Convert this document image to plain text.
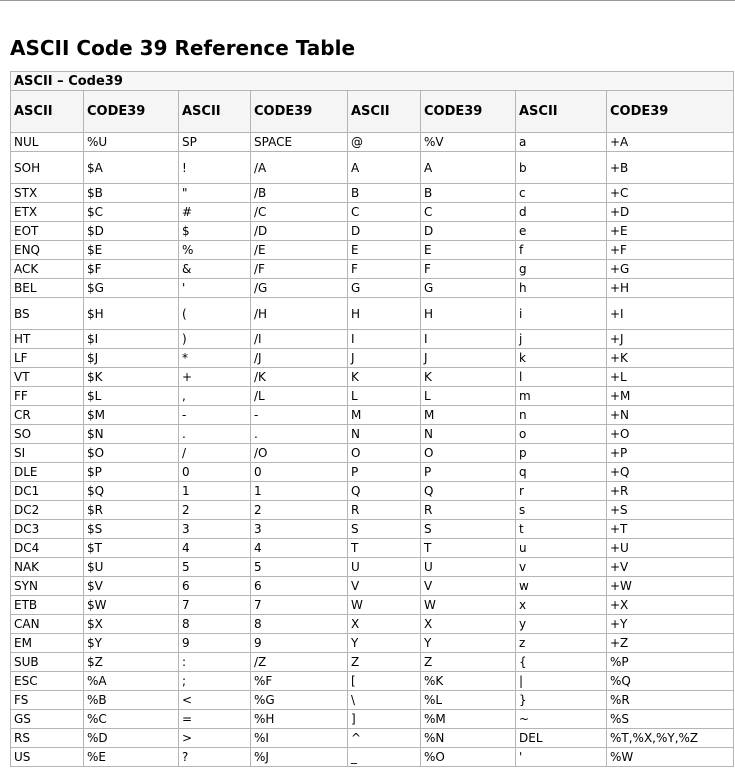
ASCII Code 39 Reference Table
ASCII – Code39							
ASCII	CODE39	ASCII	CODE39	ASCII	CODE39	ASCII	CODE39
NUL	%U	SP	SPACE	@	%V	a	+A
SOH	$A	!	/A	A	A	b	+B
STX	$B	"	/B	B	B	c	+C
ETX	$C	#	/C	C	C	d	+D
EOT	$D	$	/D	D	D	e	+E
ENQ	$E	%	/E	E	E	f	+F
ACK	$F	&	/F	F	F	g	+G
BEL	$G	'	/G	G	G	h	+H
BS	$H	(	/H	H	H	i	+I
HT	$I	)	/I	I	I	j	+J
LF	$J	*	/J	J	J	k	+K
VT	$K	+	/K	K	K	l	+L
FF	$L	,	/L	L	L	m	+M
CR	$M	-	-	M	M	n	+N
SO	$N	.	.	N	N	o	+O
SI	$O	/	/O	O	O	p	+P
DLE	$P	0	0	P	P	q	+Q
DC1	$Q	1	1	Q	Q	r	+R
DC2	$R	2	2	R	R	s	+S
DC3	$S	3	3	S	S	t	+T
DC4	$T	4	4	T	T	u	+U
NAK	$U	5	5	U	U	v	+V
SYN	$V	6	6	V	V	w	+W
ETB	$W	7	7	W	W	x	+X
CAN	$X	8	8	X	X	y	+Y
EM	$Y	9	9	Y	Y	z	+Z
SUB	$Z	:	/Z	Z	Z	{	%P
ESC	%A	;	%F	[	%K	|	%Q
FS	%B	<	%G	\	%L	}	%R
GS	%C	=	%H	]	%M	~	%S
RS	%D	>	%I	^	%N	DEL	%T,%X,%Y,%Z
US	%E	?	%J	_	%O	'	%W
